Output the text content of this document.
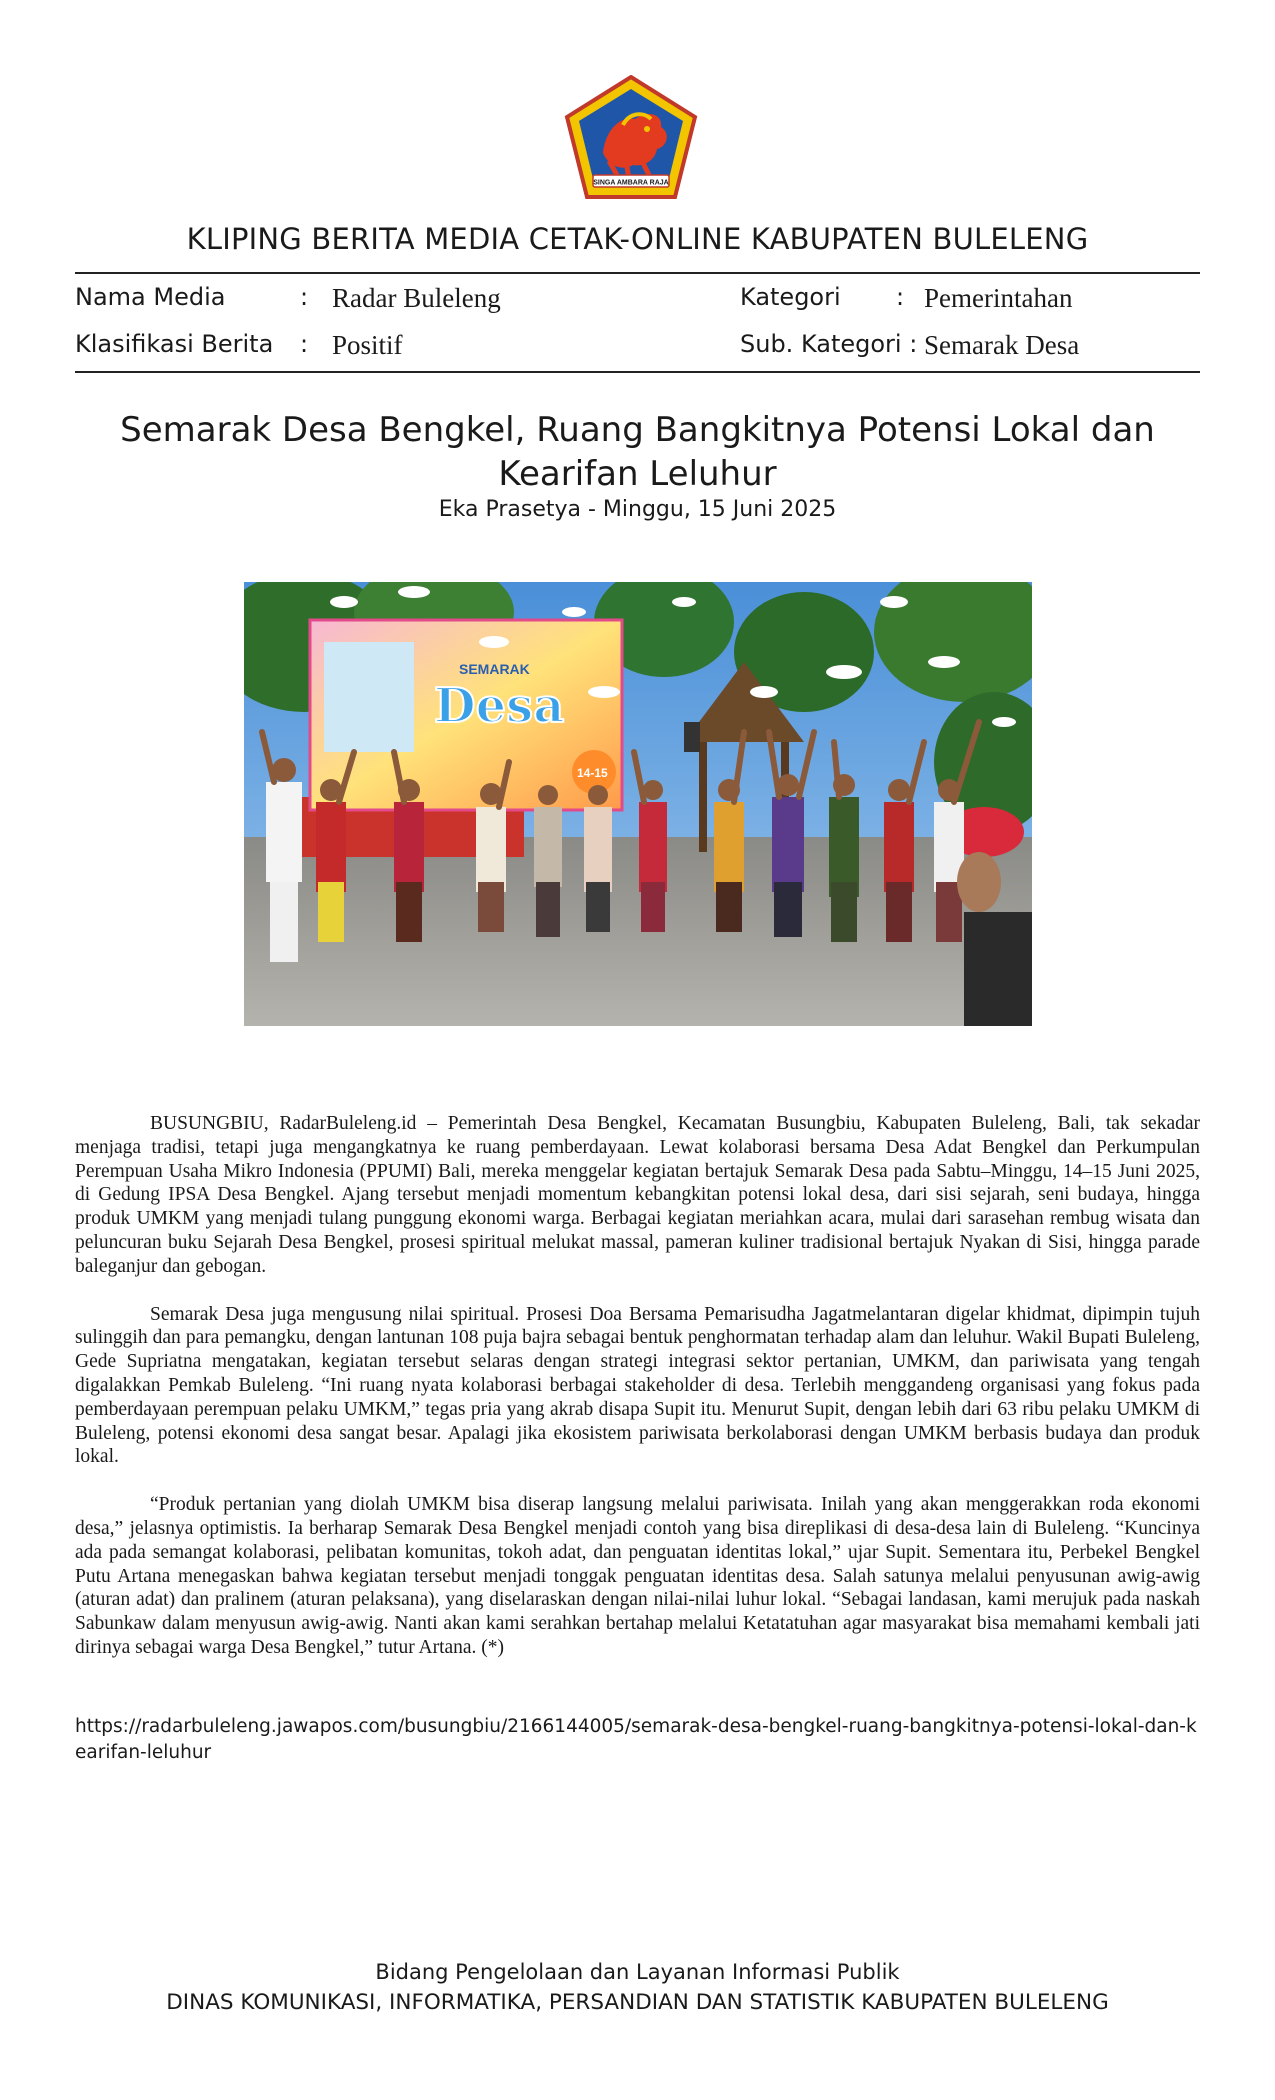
SINGA AMBARA RAJA
KLIPING BERITA MEDIA CETAK-ONLINE KABUPATEN BULELENG
Nama Media	: Radar Buleleng
Klasifikasi Berita : Positif
Kategori : Pemerintahan
Sub. Kategori : Semarak Desa
Semarak Desa Bengkel, Ruang Bangkitnya Potensi Lokal dan Kearifan Leluhur
Eka Prasetya - Minggu, 15 Juni 2025
SEMARAK
Desa
14-15

BUSUNGBIU, RadarBuleleng.id – Pemerintah Desa Bengkel, Kecamatan Busungbiu, Kabupaten Buleleng, Bali, tak sekadar menjaga tradisi, tetapi juga mengangkatnya ke ruang pemberdayaan. Lewat kolaborasi bersama Desa Adat Bengkel dan Perkumpulan Perempuan Usaha Mikro Indonesia (PPUMI) Bali, mereka menggelar kegiatan bertajuk Semarak Desa pada Sabtu–Minggu, 14–15 Juni 2025, di Gedung IPSA Desa Bengkel. Ajang tersebut menjadi momentum kebangkitan potensi lokal desa, dari sisi sejarah, seni budaya, hingga produk UMKM yang menjadi tulang punggung ekonomi warga. Berbagai kegiatan meriahkan acara, mulai dari sarasehan rembug wisata dan peluncuran buku Sejarah Desa Bengkel, prosesi spiritual melukat massal, pameran kuliner tradisional bertajuk Nyakan di Sisi, hingga parade baleganjur dan gebogan.

Semarak Desa juga mengusung nilai spiritual. Prosesi Doa Bersama Pemarisudha Jagatmelantaran digelar khidmat, dipimpin tujuh sulinggih dan para pemangku, dengan lantunan 108 puja bajra sebagai bentuk penghormatan terhadap alam dan leluhur. Wakil Bupati Buleleng, Gede Supriatna mengatakan, kegiatan tersebut selaras dengan strategi integrasi sektor pertanian, UMKM, dan pariwisata yang tengah digalakkan Pemkab Buleleng. “Ini ruang nyata kolaborasi berbagai stakeholder di desa. Terlebih menggandeng organisasi yang fokus pada pemberdayaan perempuan pelaku UMKM,” tegas pria yang akrab disapa Supit itu. Menurut Supit, dengan lebih dari 63 ribu pelaku UMKM di Buleleng, potensi ekonomi desa sangat besar. Apalagi jika ekosistem pariwisata berkolaborasi dengan UMKM berbasis budaya dan produk lokal.

“Produk pertanian yang diolah UMKM bisa diserap langsung melalui pariwisata. Inilah yang akan menggerakkan roda ekonomi desa,” jelasnya optimistis. Ia berharap Semarak Desa Bengkel menjadi contoh yang bisa direplikasi di desa-desa lain di Buleleng. “Kuncinya ada pada semangat kolaborasi, pelibatan komunitas, tokoh adat, dan penguatan identitas lokal,” ujar Supit. Sementara itu, Perbekel Bengkel Putu Artana menegaskan bahwa kegiatan tersebut menjadi tonggak penguatan identitas desa. Salah satunya melalui penyusunan awig-awig (aturan adat) dan pralinem (aturan pelaksana), yang diselaraskan dengan nilai-nilai luhur lokal. “Sebagai landasan, kami merujuk pada naskah Sabunkaw dalam menyusun awig-awig. Nanti akan kami serahkan bertahap melalui Ketatatuhan agar masyarakat bisa memahami kembali jati dirinya sebagai warga Desa Bengkel,” tutur Artana. (*)

https://radarbuleleng.jawapos.com/busungbiu/2166144005/semarak-desa-bengkel-ruang-bangkitnya-potensi-lokal-dan-kearifan-leluhur
Bidang Pengelolaan dan Layanan Informasi Publik
DINAS KOMUNIKASI, INFORMATIKA, PERSANDIAN DAN STATISTIK KABUPATEN BULELENG
